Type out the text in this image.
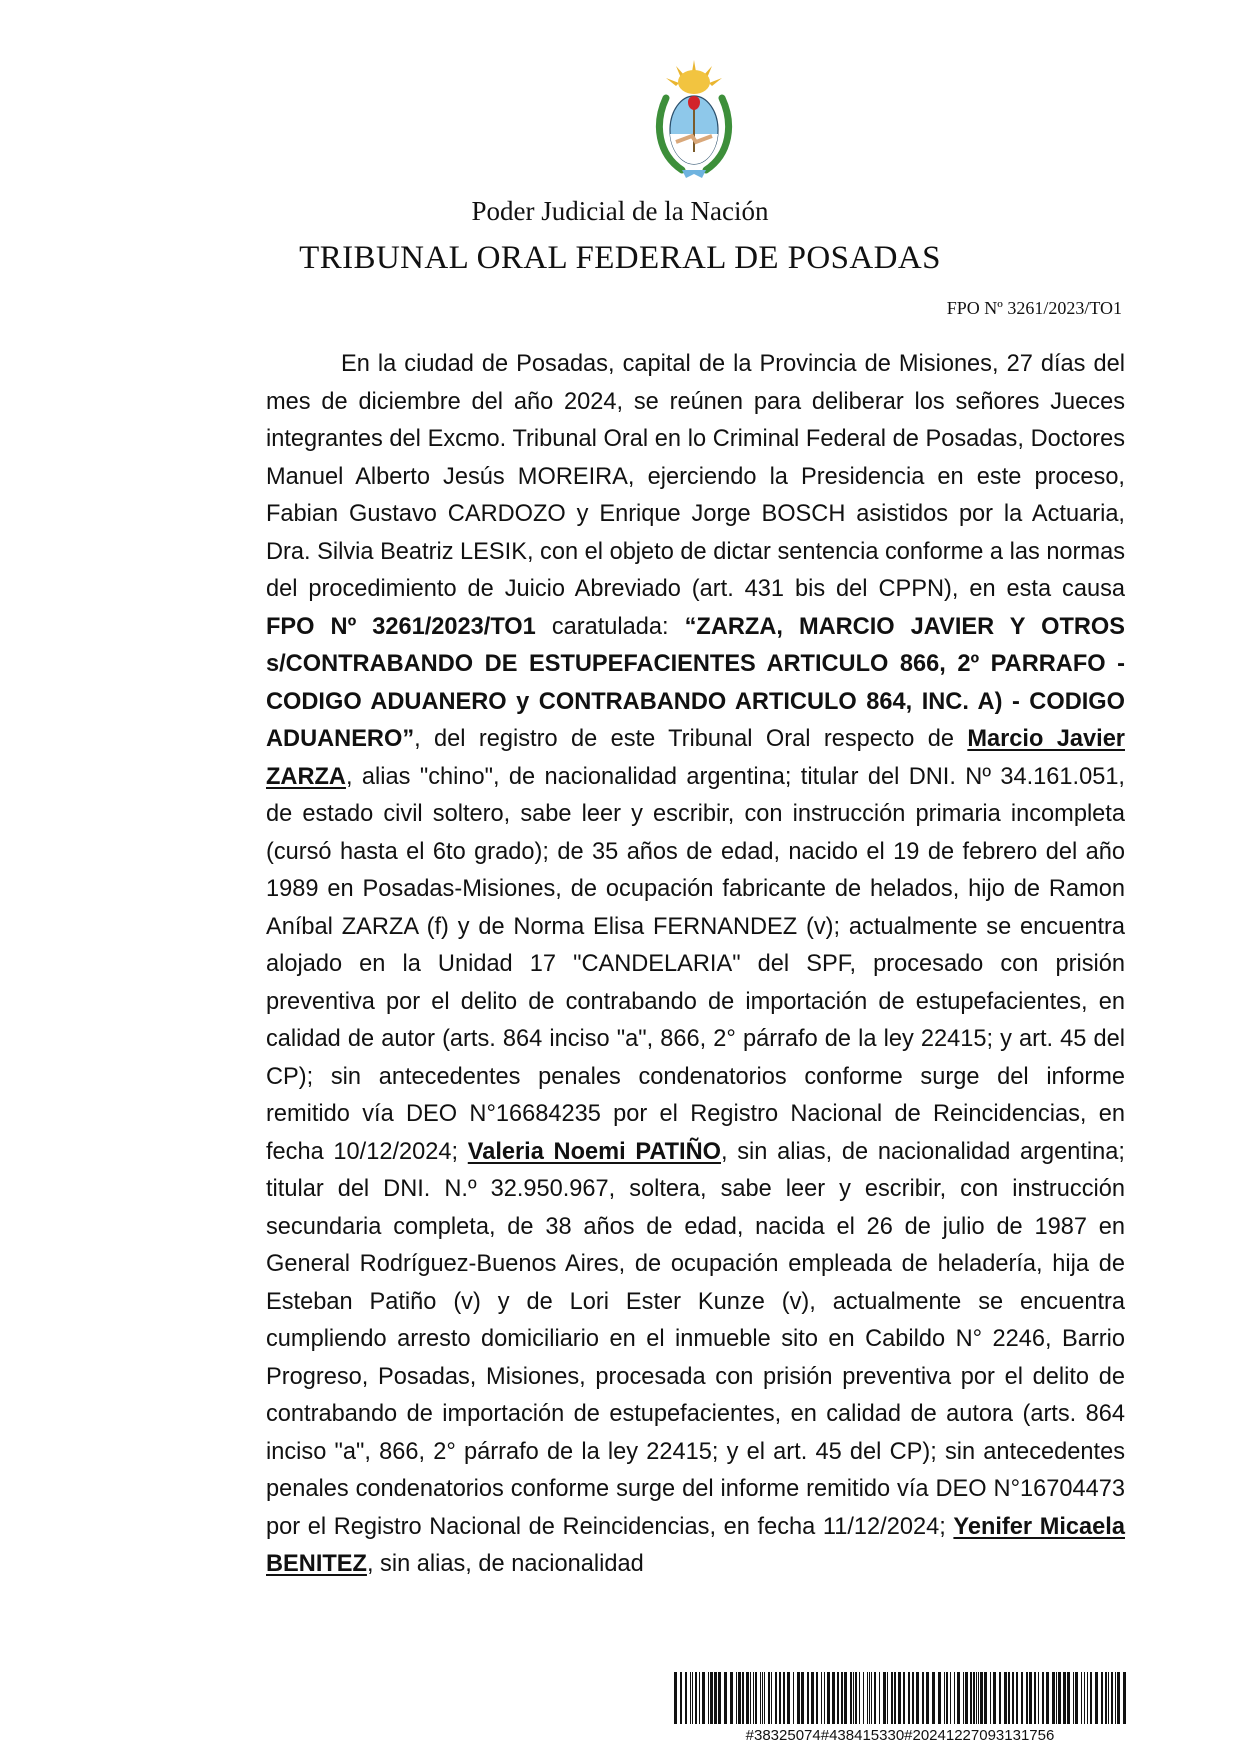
Poder Judicial de la Nación
TRIBUNAL ORAL FEDERAL DE POSADAS
FPO Nº 3261/2023/TO1

En la ciudad de Posadas, capital de la Provincia de Misiones, 27 días del mes de diciembre del año 2024, se reúnen para deliberar los señores Jueces integrantes del Excmo. Tribunal Oral en lo Criminal Federal de Posadas, Doctores Manuel Alberto Jesús MOREIRA, ejerciendo la Presidencia en este proceso, Fabian Gustavo CARDOZO y Enrique Jorge BOSCH asistidos por la Actuaria, Dra. Silvia Beatriz LESIK, con el objeto de dictar sentencia conforme a las normas del procedimiento de Juicio Abreviado (art. 431 bis del CPPN), en esta causa FPO Nº 3261/2023/TO1 caratulada: “ZARZA, MARCIO JAVIER Y OTROS s/CONTRABANDO DE ESTUPEFACIENTES ARTICULO 866, 2º PARRAFO - CODIGO ADUANERO y CONTRABANDO ARTICULO 864, INC. A) - CODIGO ADUANERO”, del registro de este Tribunal Oral respecto de Marcio Javier ZARZA, alias "chino", de nacionalidad argentina; titular del DNI. Nº 34.161.051, de estado civil soltero, sabe leer y escribir, con instrucción primaria incompleta (cursó hasta el 6to grado); de 35 años de edad, nacido el 19 de febrero del año 1989 en Posadas-Misiones, de ocupación fabricante de helados, hijo de Ramon Aníbal ZARZA (f) y de Norma Elisa FERNANDEZ (v); actualmente se encuentra alojado en la Unidad 17 "CANDELARIA" del SPF, procesado con prisión preventiva por el delito de contrabando de importación de estupefacientes, en calidad de autor (arts. 864 inciso "a", 866, 2° párrafo de la ley 22415; y art. 45 del CP); sin antecedentes penales condenatorios conforme surge del informe remitido vía DEO N°16684235 por el Registro Nacional de Reincidencias, en fecha 10/12/2024; Valeria Noemi PATIÑO, sin alias, de nacionalidad argentina; titular del DNI. N.º 32.950.967, soltera, sabe leer y escribir, con instrucción secundaria completa, de 38 años de edad, nacida el 26 de julio de 1987 en General Rodríguez-Buenos Aires, de ocupación empleada de heladería, hija de Esteban Patiño (v) y de Lori Ester Kunze (v), actualmente se encuentra cumpliendo arresto domiciliario en el inmueble sito en Cabildo N° 2246, Barrio Progreso, Posadas, Misiones, procesada con prisión preventiva por el delito de contrabando de importación de estupefacientes, en calidad de autora (arts. 864 inciso "a", 866, 2° párrafo de la ley 22415; y el art. 45 del CP); sin antecedentes penales condenatorios conforme surge del informe remitido vía DEO N°16704473 por el Registro Nacional de Reincidencias, en fecha 11/12/2024; Yenifer Micaela BENITEZ, sin alias, de nacionalidad

#38325074#438415330#20241227093131756
